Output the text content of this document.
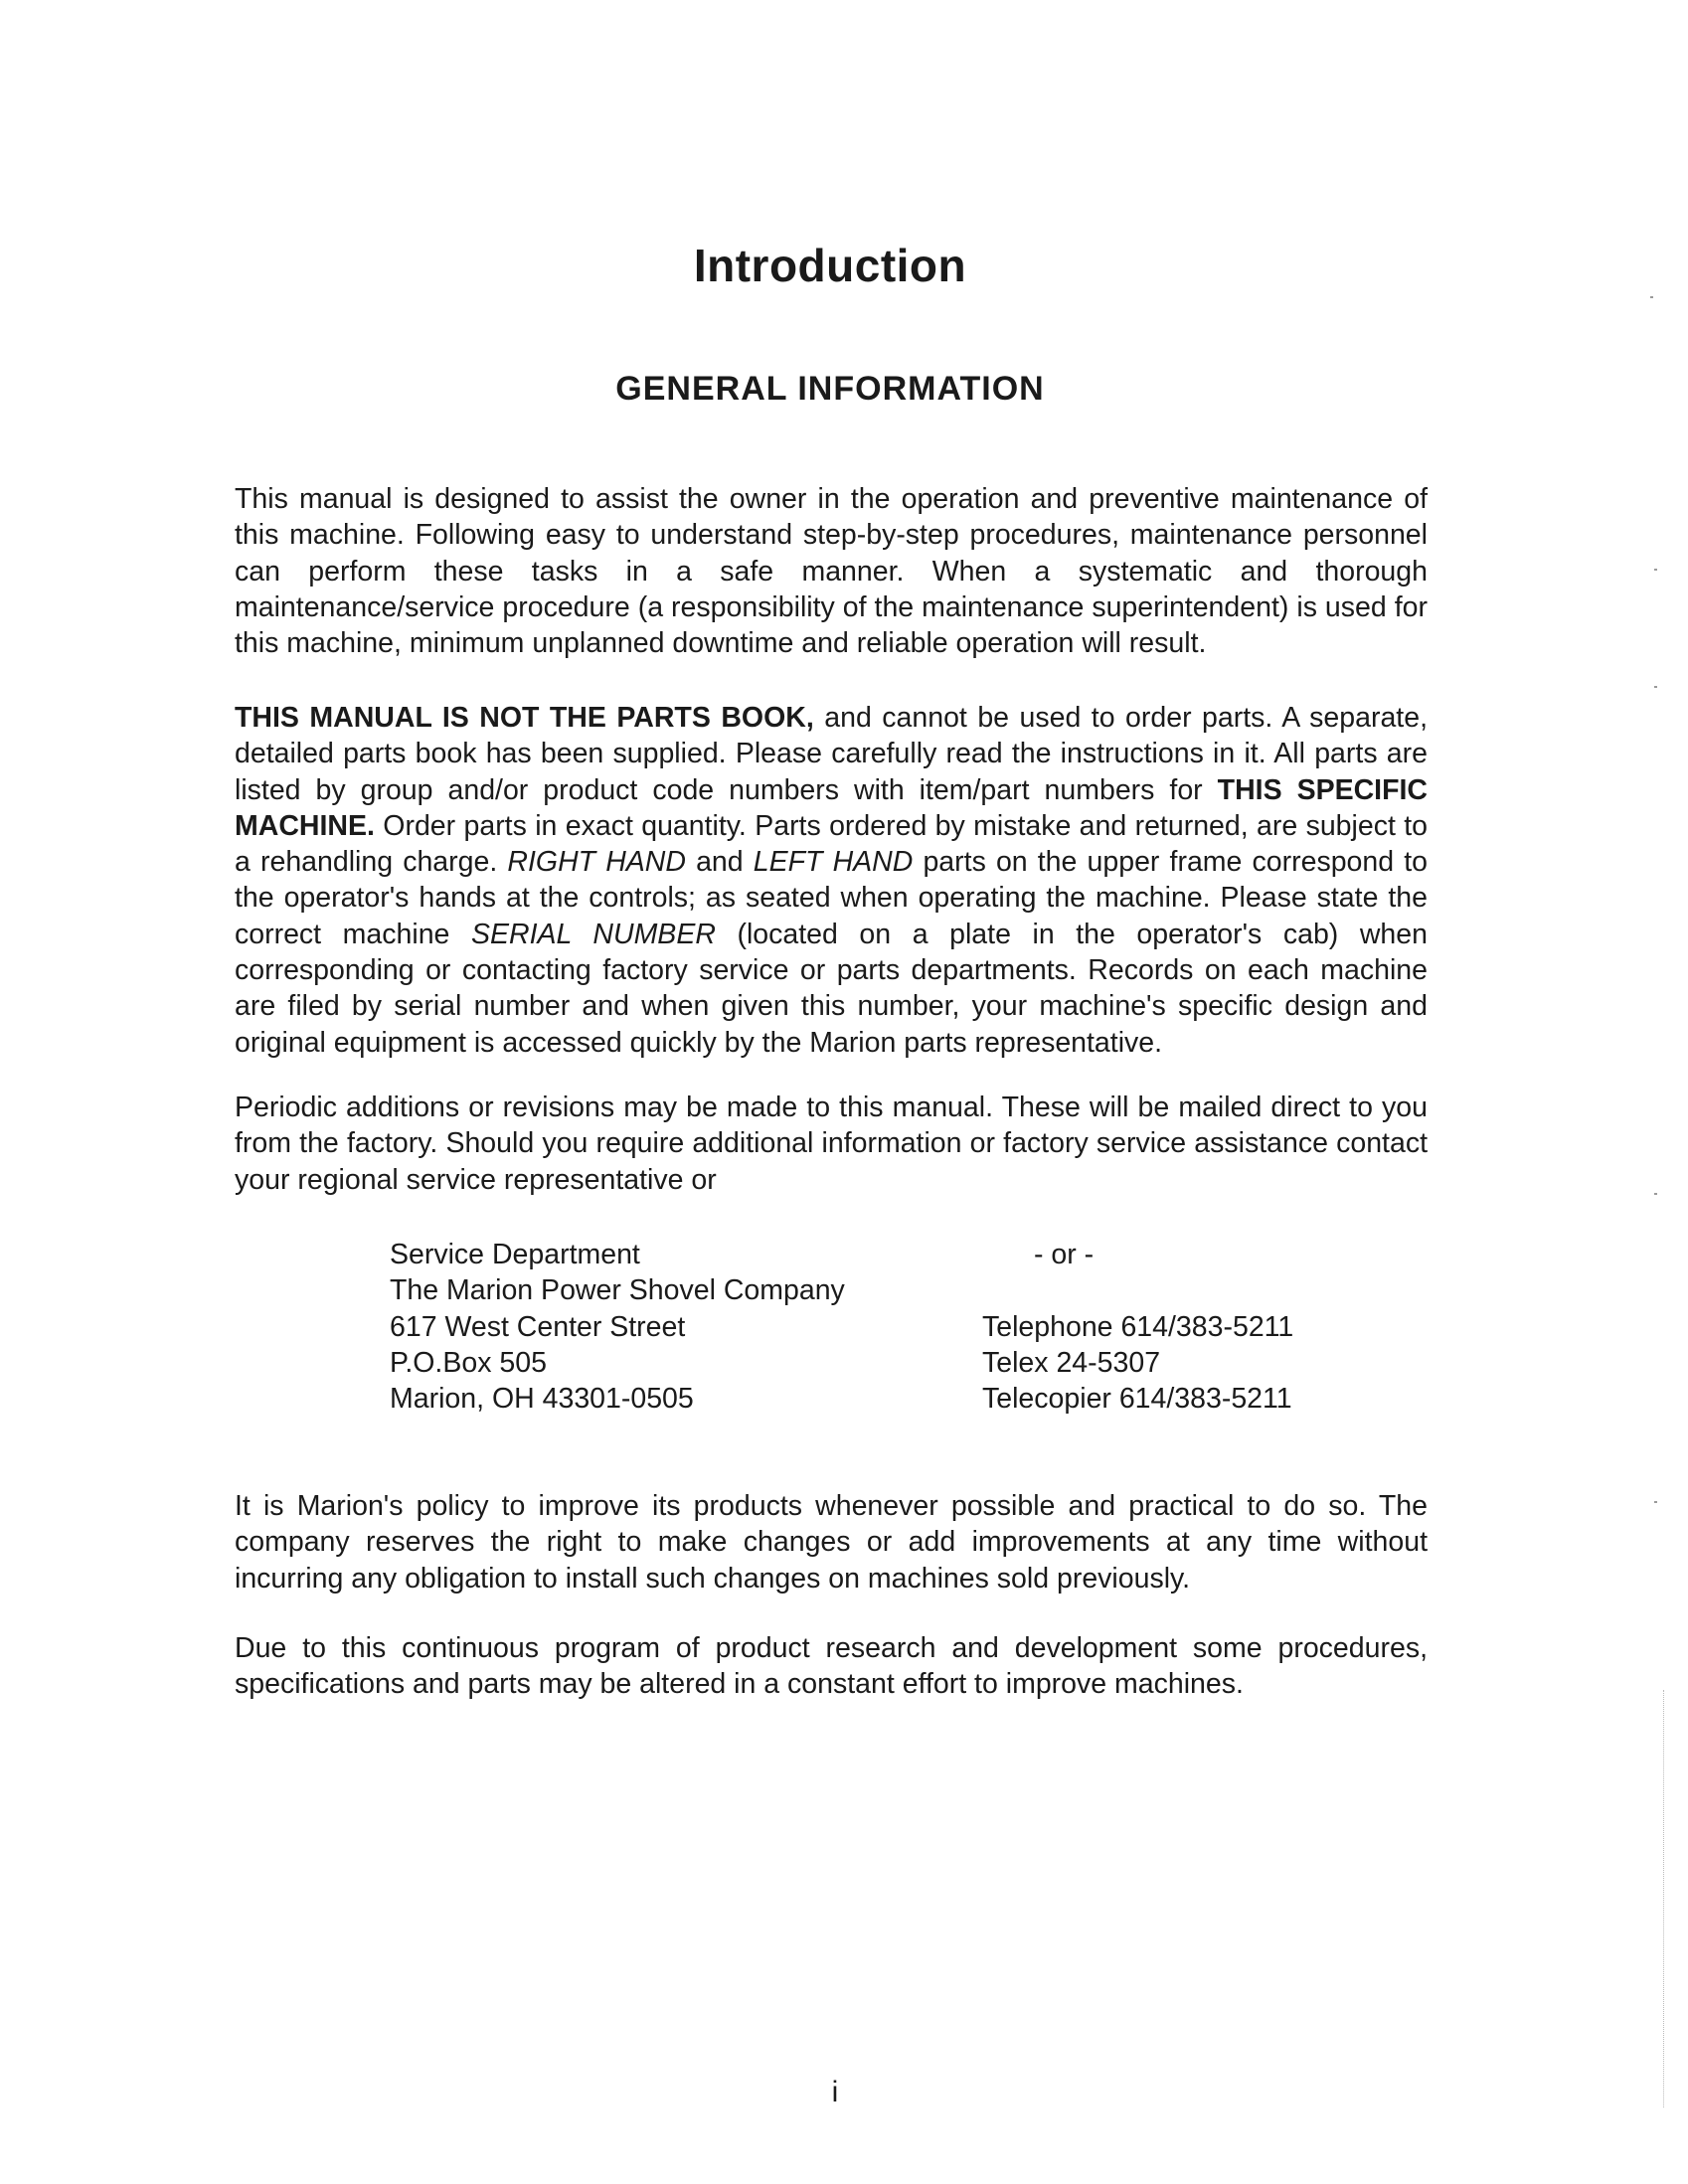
Introduction
GENERAL INFORMATION

This manual is designed to assist the owner in the operation and preventive maintenance of this machine. Following easy to understand step-by-step procedures, maintenance personnel can perform these tasks in a safe manner. When a systematic and thorough maintenance/service procedure (a responsibility of the maintenance superintendent) is used for this machine, minimum unplanned downtime and reliable operation will result.

THIS MANUAL IS NOT THE PARTS BOOK, and cannot be used to order parts. A separate, detailed parts book has been supplied. Please carefully read the instructions in it. All parts are listed by group and/or product code numbers with item/part numbers for THIS SPECIFIC MACHINE. Order parts in exact quantity. Parts ordered by mistake and returned, are subject to a rehandling charge. RIGHT HAND and LEFT HAND parts on the upper frame correspond to the operator's hands at the controls; as seated when operating the machine. Please state the correct machine SERIAL NUMBER (located on a plate in the operator's cab) when corresponding or contacting factory service or parts departments. Records on each machine are filed by serial number and when given this number, your machine's specific design and original equipment is accessed quickly by the Marion parts representative.

Periodic additions or revisions may be made to this manual. These will be mailed direct to you from the factory. Should you require additional information or factory service assistance contact your regional service representative or

Service Department
The Marion Power Shovel Company
617 West Center Street
P.O.Box 505
Marion, OH 43301-0505
- or -
Telephone 614/383-5211
Telex 24-5307
Telecopier 614/383-5211

It is Marion's policy to improve its products whenever possible and practical to do so. The company reserves the right to make changes or add improvements at any time without incurring any obligation to install such changes on machines sold previously.

Due to this continuous program of product research and development some procedures, specifications and parts may be altered in a constant effort to improve machines.

i
